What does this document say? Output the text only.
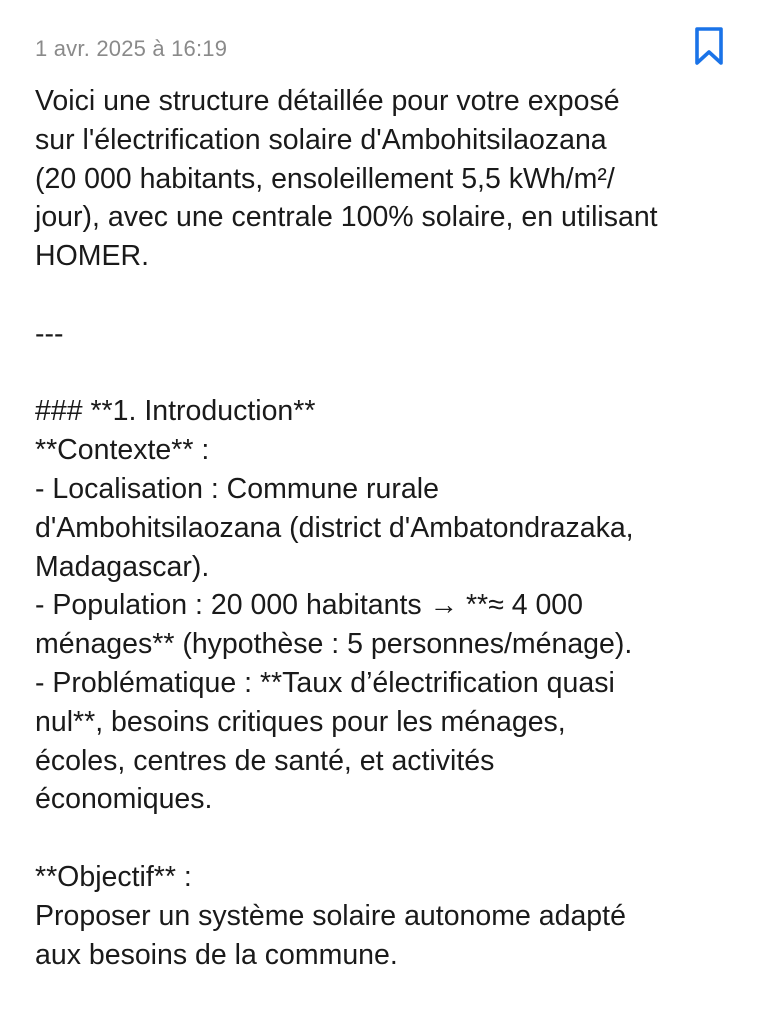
1 avr. 2025 à 16:19
Voici une structure détaillée pour votre exposé
sur l'électrification solaire d'Ambohitsilaozana
(20 000 habitants, ensoleillement 5,5 kWh/m²/
jour), avec une centrale 100% solaire, en utilisant
HOMER.
---
### **1. Introduction**
**Contexte** :
- Localisation : Commune rurale
d'Ambohitsilaozana (district d'Ambatondrazaka,
Madagascar).
- Population : 20 000 habitants → **≈ 4 000
ménages** (hypothèse : 5 personnes/ménage).
- Problématique : **Taux d’électrification quasi
nul**, besoins critiques pour les ménages,
écoles, centres de santé, et activités
économiques.
**Objectif** :
Proposer un système solaire autonome adapté
aux besoins de la commune.
